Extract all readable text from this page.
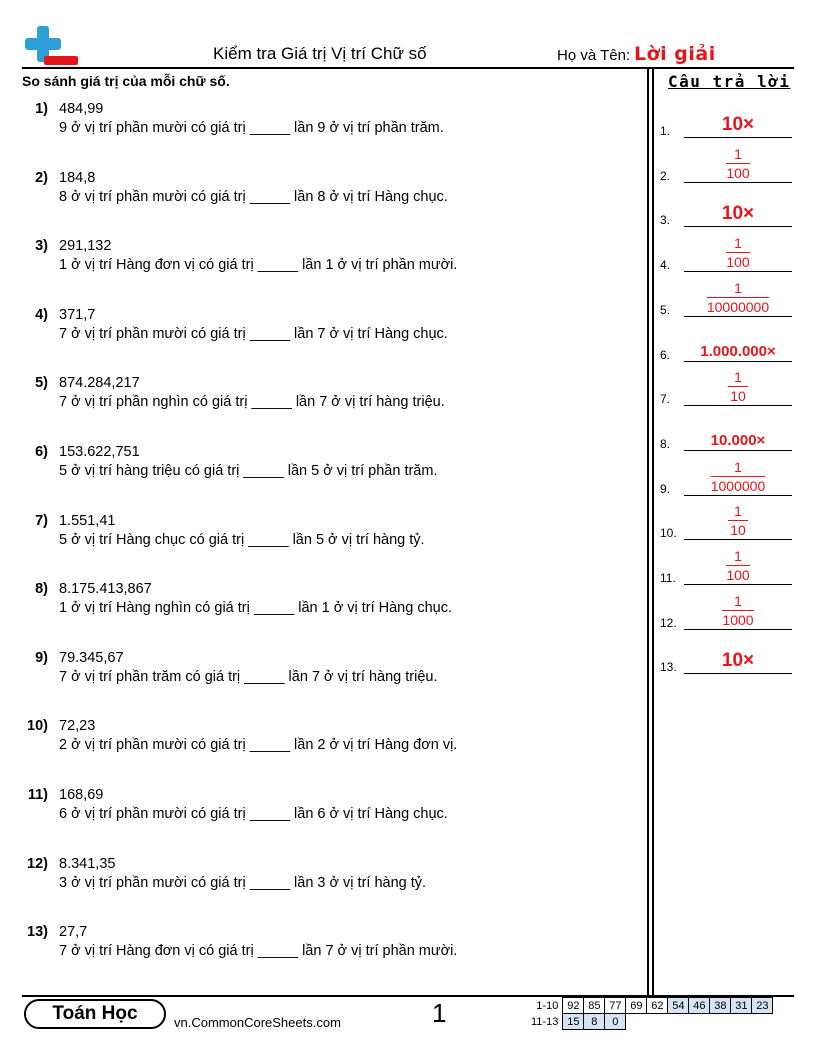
Kiểm tra Giá trị Vị trí Chữ số	Họ và Tên: Lời giải
So sánh giá trị của mỗi chữ số.	Câu trả lời
1) 484,99
9 ở vị trí phần mười có giá trị _____ lần 9 ở vị trí phần trăm.
2) 184,8
8 ở vị trí phần mười có giá trị _____ lần 8 ở vị trí Hàng chục.
3) 291,132
1 ở vị trí Hàng đơn vị có giá trị _____ lần 1 ở vị trí phần mười.
4) 371,7
7 ở vị trí phần mười có giá trị _____ lần 7 ở vị trí Hàng chục.
5) 874.284,217
7 ở vị trí phần nghìn có giá trị _____ lần 7 ở vị trí hàng triệu.
6) 153.622,751
5 ở vị trí hàng triệu có giá trị _____ lần 5 ở vị trí phần trăm.
7) 1.551,41
5 ở vị trí Hàng chục có giá trị _____ lần 5 ở vị trí hàng tỷ.
8) 8.175.413,867
1 ở vị trí Hàng nghìn có giá trị _____ lần 1 ở vị trí Hàng chục.
9) 79.345,67
7 ở vị trí phần trăm có giá trị _____ lần 7 ở vị trí hàng triệu.
10) 72,23
2 ở vị trí phần mười có giá trị _____ lần 2 ở vị trí Hàng đơn vị.
11) 168,69
6 ở vị trí phần mười có giá trị _____ lần 6 ở vị trí Hàng chục.
12) 8.341,35
3 ở vị trí phần mười có giá trị _____ lần 3 ở vị trí hàng tỷ.
13) 27,7
7 ở vị trí Hàng đơn vị có giá trị _____ lần 7 ở vị trí phần mười.
1.	10×
2.
1
100
3.	10×
4.
1
100
5.
1
10000000
6.	1.000.000×
7.
1
10
8.	10.000×
9.
1
1000000
10.
1
10
11.
1
100
12.
1
1000
13.	10×
Toán Học	vn.CommonCoreSheets.com	1	1-10	92	85	77	69	62	54	46	38	31	23
11-13	15	8	0							
